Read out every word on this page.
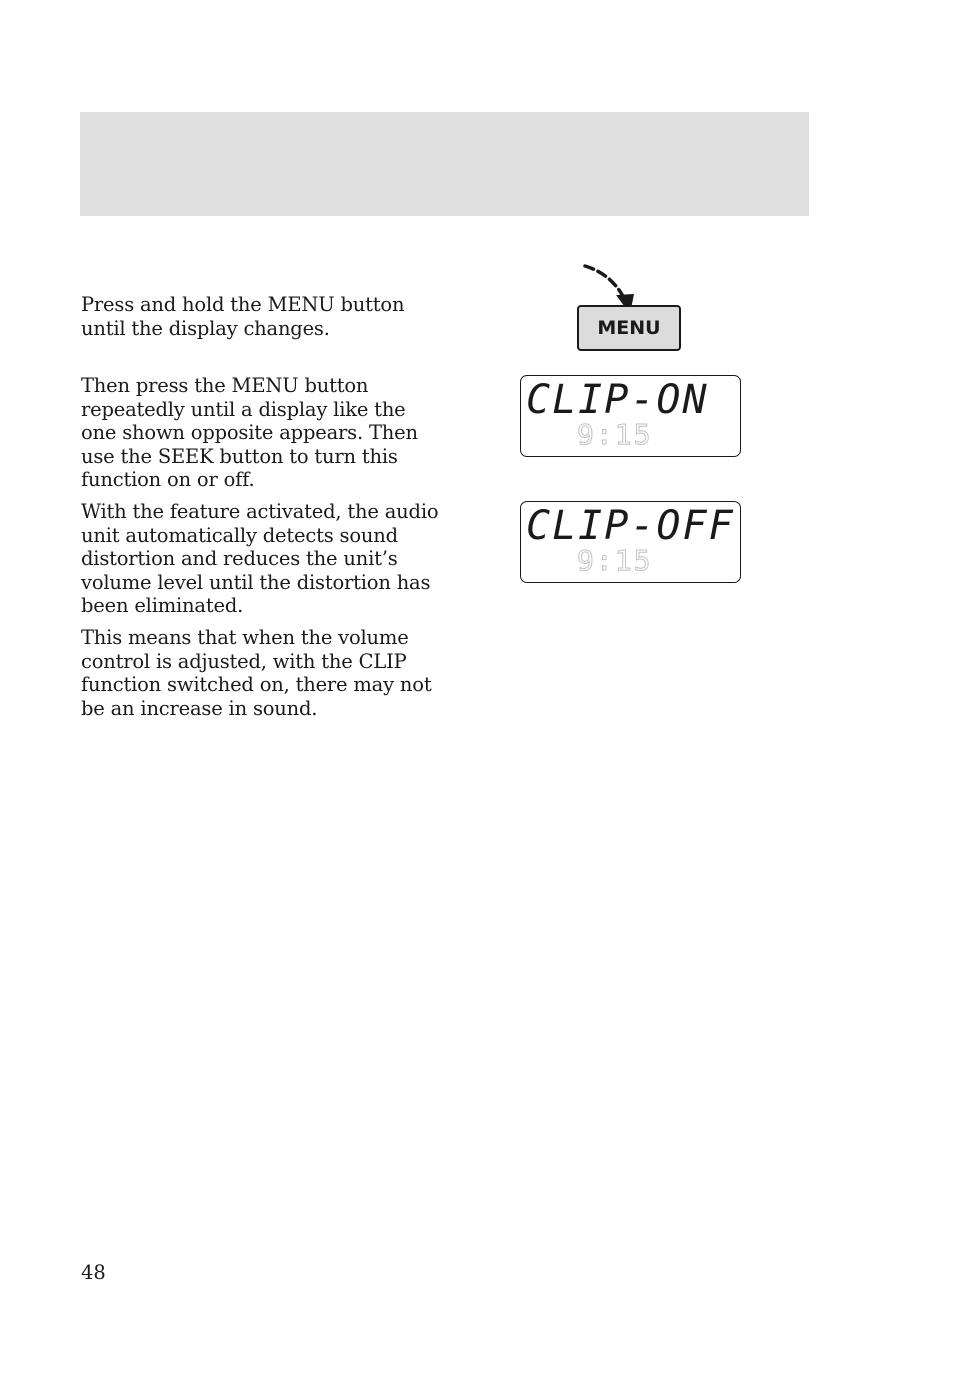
Press and hold the MENU button until the display changes.

Then press the MENU button repeatedly until a display like the one shown opposite appears. Then use the SEEK button to turn this function on or off.

With the feature activated, the audio unit automatically detects sound distortion and reduces the unit’s volume level until the distortion has been eliminated.

This means that when the volume control is adjusted, with the CLIP function switched on, there may not be an increase in sound.

MENU
CLIP-ON
9:15
CLIP-OFF
9:15
48
